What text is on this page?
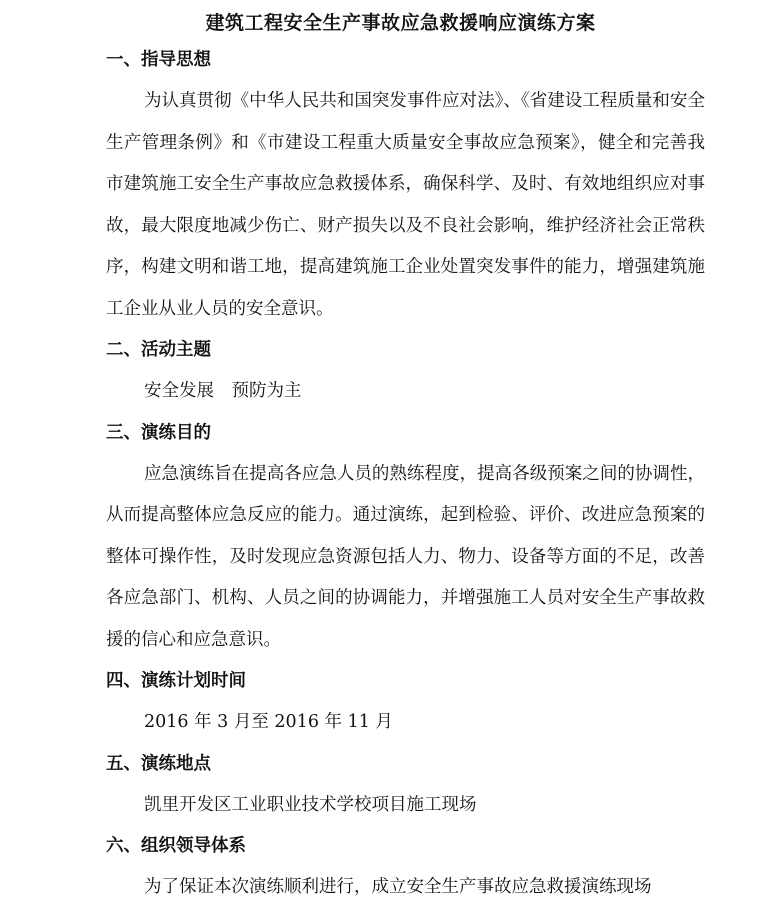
建筑工程安全生产事故应急救援响应演练方案
一、指导思想

为认真贯彻《中华人民共和国突发事件应对法》、《省建设工程质量和安全生产管理条例》和《市建设工程重大质量安全事故应急预案》，健全和完善我市建筑施工安全生产事故应急救援体系，确保科学、及时、有效地组织应对事故，最大限度地减少伤亡、财产损失以及不良社会影响，维护经济社会正常秩序，构建文明和谐工地，提高建筑施工企业处置突发事件的能力，增强建筑施工企业从业人员的安全意识。

二、活动主题

安全发展　预防为主

三、演练目的

应急演练旨在提高各应急人员的熟练程度，提高各级预案之间的协调性，从而提高整体应急反应的能力。通过演练，起到检验、评价、改进应急预案的整体可操作性，及时发现应急资源包括人力、物力、设备等方面的不足，改善各应急部门、机构、人员之间的协调能力，并增强施工人员对安全生产事故救援的信心和应急意识。

四、演练计划时间

2016 年 3 月至 2016 年 11 月

五、演练地点

凯里开发区工业职业技术学校项目施工现场

六、组织领导体系

为了保证本次演练顺利进行，成立安全生产事故应急救援演练现场
